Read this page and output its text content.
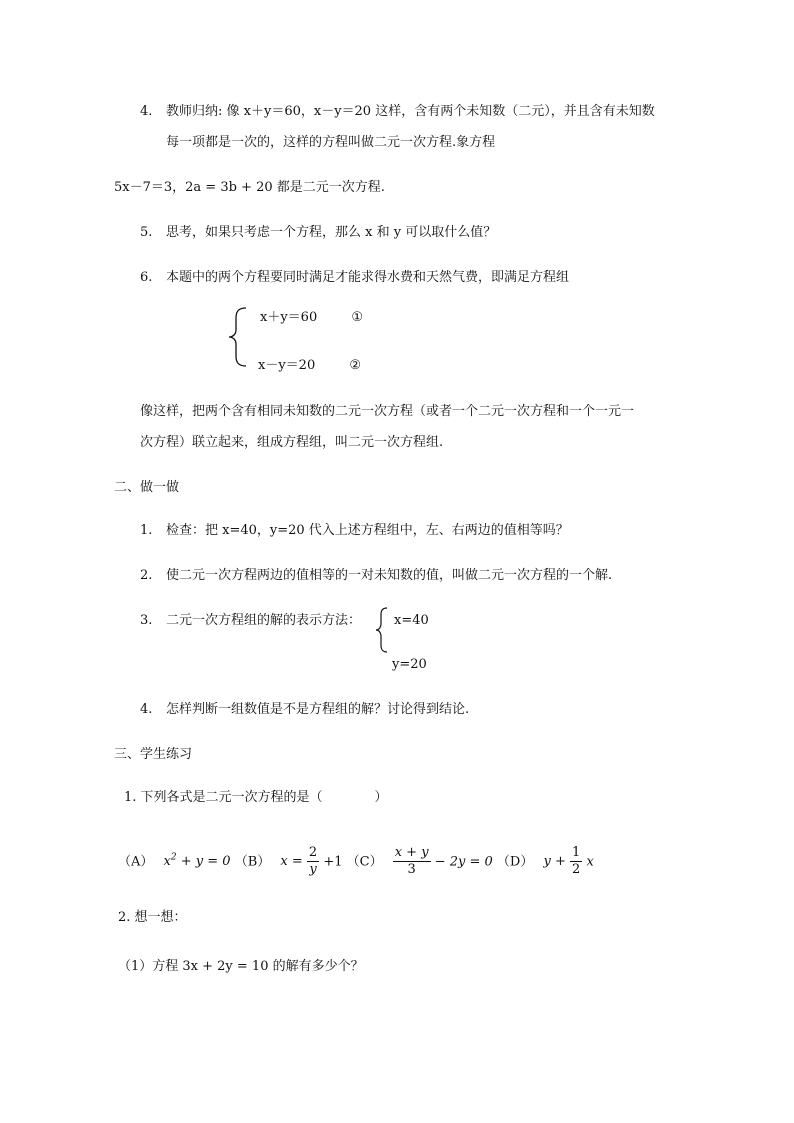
4. 教师归纳: 像 x＋y＝60，x－y＝20 这样，含有两个未知数（二元），并且含有未知数
每一项都是一次的，这样的方程叫做二元一次方程.象方程
5x－7＝3，2a = 3b + 20 都是二元一次方程.
5. 思考，如果只考虑一个方程，那么 x 和 y 可以取什么值？
6. 本题中的两个方程要同时满足才能求得水费和天然气费，即满足方程组
x＋y＝60	①
x－y＝20	②
像这样，把两个含有相同未知数的二元一次方程（或者一个二元一次方程和一个一元一
次方程）联立起来，组成方程组，叫二元一次方程组.
二、做一做
1. 检查：把 x=40，y=20 代入上述方程组中，左、右两边的值相等吗？
2. 使二元一次方程两边的值相等的一对未知数的值，叫做二元一次方程的一个解.
3. 二元一次方程组的解的表示方法：	x=40
y=20
4. 怎样判断一组数值是不是方程组的解？讨论得到结论.
三、学生练习
1. 下列各式是二元一次方程的是（　　　　）
（A） $x^2 + y = 0$ （B） $x = \frac{2}{y} +1$ $(C) \frac{x + y}{3} - 2y = 0$ （D） $y + \frac{1}{2}$ x
2. 想一想：
（1）方程 3x + 2y = 10 的解有多少个？
